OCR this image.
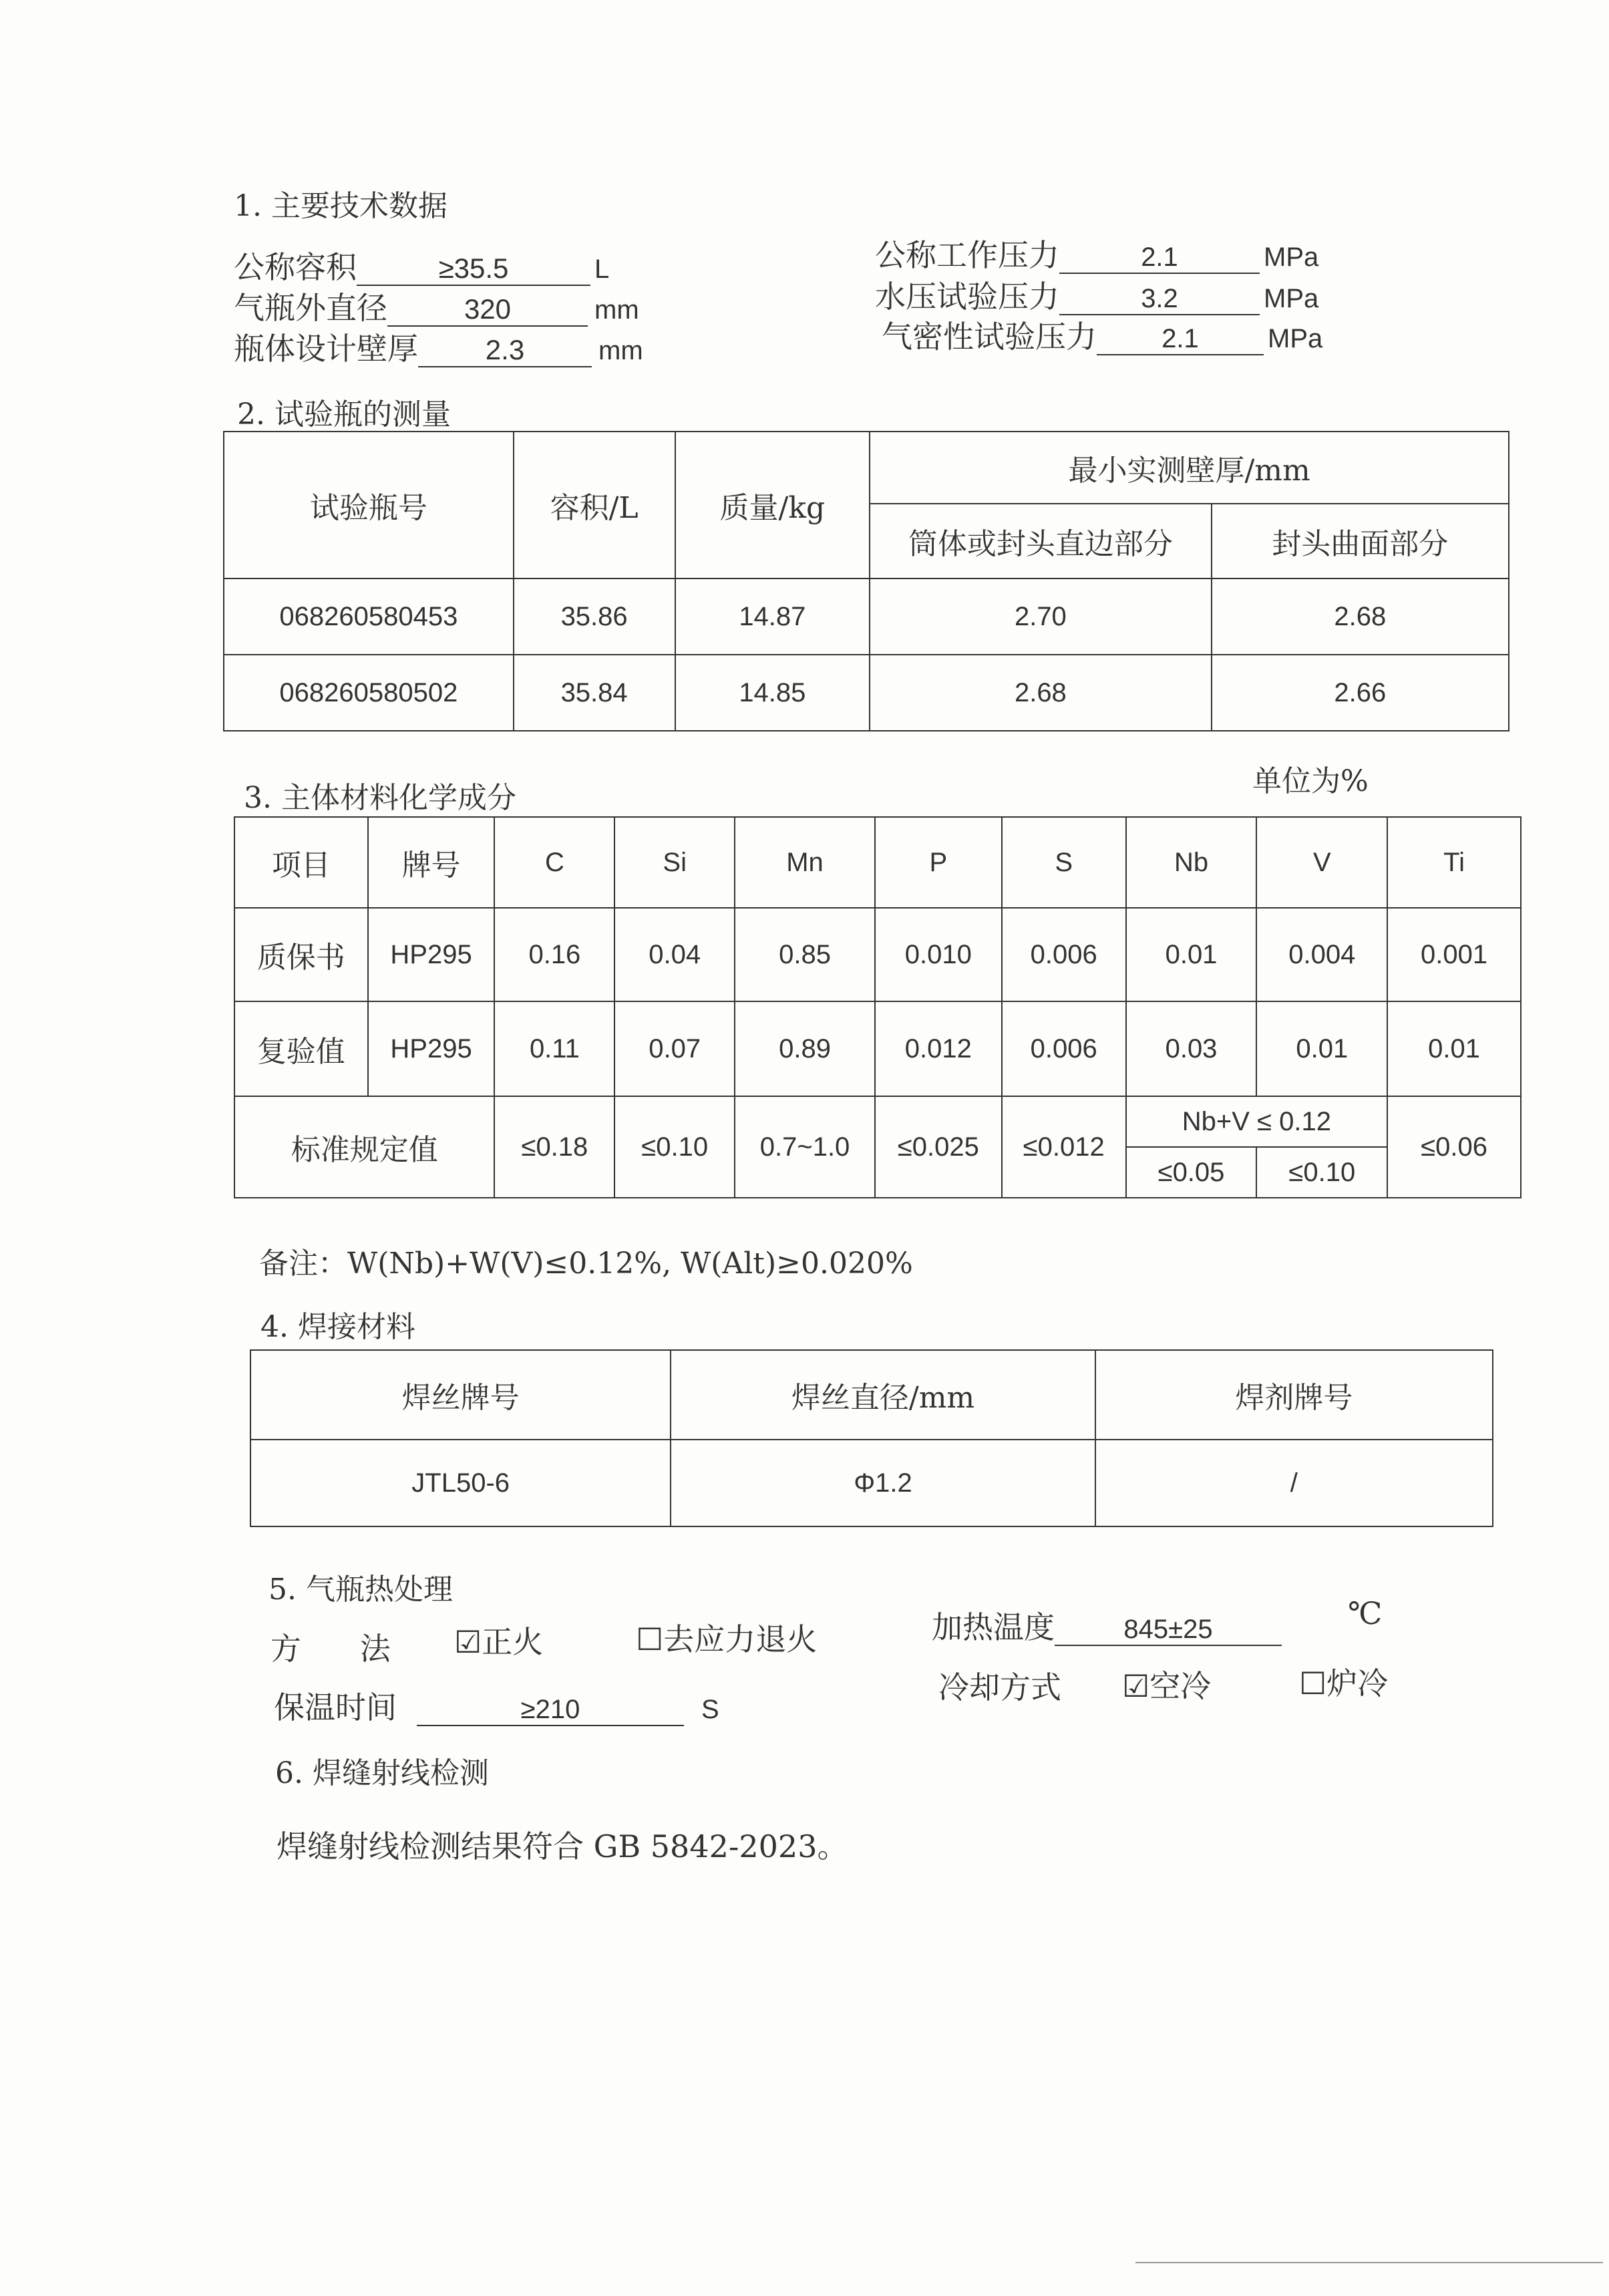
1. 主要技术数据
公称容积	≥35.5	L
气瓶外直径	320	mm
瓶体设计壁厚 2.3	mm
公称工作压力	2.1	MPa
水压试验压力	3.2	MPa
气密性试验压力 2.1	MPa
2. 试验瓶的测量
试验瓶号	容积/L	质量/kg	最小实测壁厚/mm	
			筒体或封头直边部分	封头曲面部分
068260580453	35.86	14.87	2.70	2.68
068260580502	35.84	14.85	2.68	2.66
3. 主体材料化学成分	单位为%
项目	牌号	C	Si	Mn	P	S	Nb	V	Ti
质保书	HP295	0.16	0.04	0.85	0.010	0.006	0.01	0.004	0.001
复验值	HP295	0.11	0.07	0.89	0.012	0.006	0.03	0.01	0.01
标准规定值		≤0.18	≤0.10	0.7~1.0	≤0.025	≤0.012	Nb+V ≤ 0.12		≤0.06
							≤0.05	≤0.10	
备注：W(Nb)+W(V)≤0.12%, W(Alt)≥0.020%
4. 焊接材料
焊丝牌号	焊丝直径/mm	焊剂牌号
JTL50-6	Φ1.2	/
5. 气瓶热处理
方      法 ☑正火	☐去应力退火	加热温度	845±25	℃
保温时间	≥210	S
冷却方式 ☑空冷	☐炉冷
6. 焊缝射线检测
焊缝射线检测结果符合 GB 5842-2023。
